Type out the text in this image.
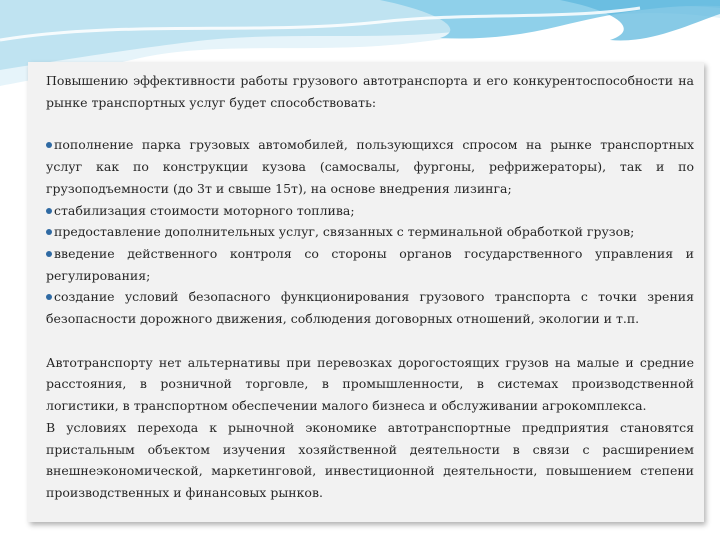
Повышению эффективности работы грузового автотранспорта и его конкурентоспособности на рынке транспортных услуг будет способствовать:

пополнение парка грузовых автомобилей, пользующихся спросом на рынке транспортных услуг как по конструкции кузова (самосвалы, фургоны, рефрижераторы), так и по грузоподъемности (до 3т и свыше 15т), на основе внедрения лизинга;

стабилизация стоимости моторного топлива;

предоставление дополнительных услуг, связанных с терминальной обработкой грузов;

введение действенного контроля со стороны органов государственного управления и регулирования;

создание условий безопасного функционирования грузового транспорта с точки зрения безопасности дорожного движения, соблюдения договорных отношений, экологии и т.п.

Автотранспорту нет альтернативы при перевозках дорогостоящих грузов на малые и средние расстояния, в розничной торговле, в промышленности, в системах производственной логистики, в транспортном обеспечении малого бизнеса и обслуживании агрокомплекса.

В условиях перехода к рыночной экономике автотранспортные предприятия становятся пристальным объектом изучения хозяйственной деятельности в связи с расширением внешнеэкономической, маркетинговой, инвестиционной деятельности, повышением степени производственных и финансовых рынков.
